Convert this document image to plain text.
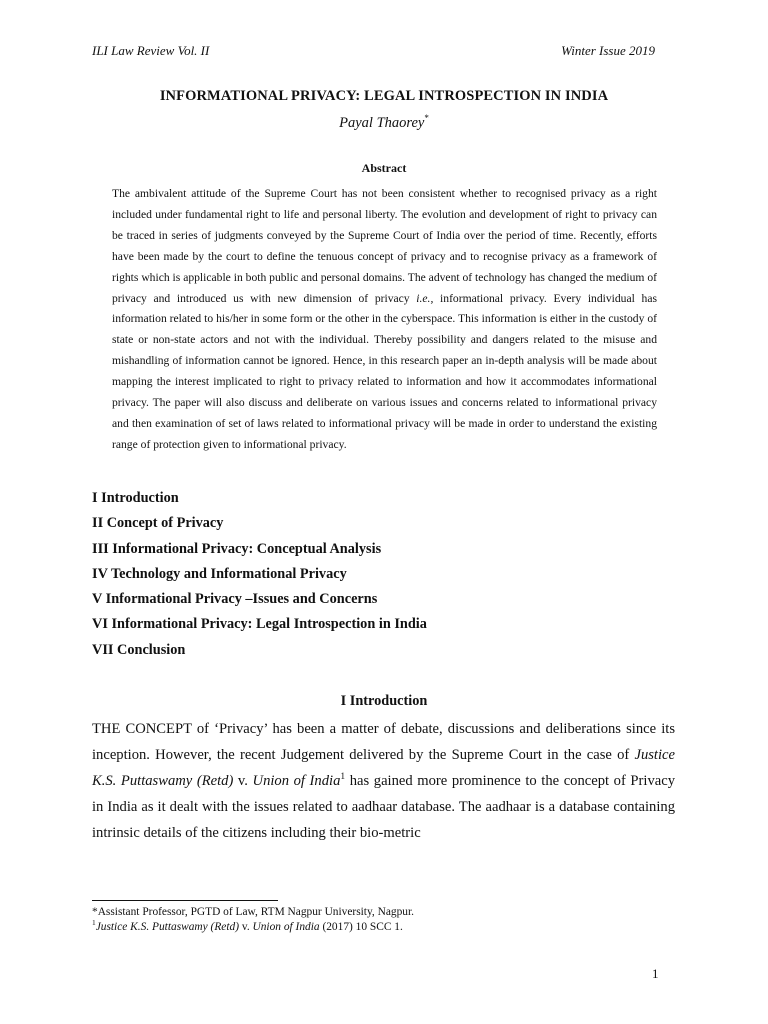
ILI Law Review Vol. II	Winter Issue 2019
INFORMATIONAL PRIVACY: LEGAL INTROSPECTION IN INDIA
Payal Thaorey*
Abstract
The ambivalent attitude of the Supreme Court has not been consistent whether to recognised privacy as a right included under fundamental right to life and personal liberty. The evolution and development of right to privacy can be traced in series of judgments conveyed by the Supreme Court of India over the period of time. Recently, efforts have been made by the court to define the tenuous concept of privacy and to recognise privacy as a framework of rights which is applicable in both public and personal domains. The advent of technology has changed the medium of privacy and introduced us with new dimension of privacy i.e., informational privacy. Every individual has information related to his/her in some form or the other in the cyberspace. This information is either in the custody of state or non-state actors and not with the individual. Thereby possibility and dangers related to the misuse and mishandling of information cannot be ignored. Hence, in this research paper an in-depth analysis will be made about mapping the interest implicated to right to privacy related to information and how it accommodates informational privacy. The paper will also discuss and deliberate on various issues and concerns related to informational privacy and then examination of set of laws related to informational privacy will be made in order to understand the existing range of protection given to informational privacy.
I Introduction
II Concept of Privacy
III Informational Privacy: Conceptual Analysis
IV Technology and Informational Privacy
V Informational Privacy –Issues and Concerns
VI Informational Privacy: Legal Introspection in India
VII Conclusion
I Introduction
THE CONCEPT of ‘Privacy’ has been a matter of debate, discussions and deliberations since its inception. However, the recent Judgement delivered by the Supreme Court in the case of Justice K.S. Puttaswamy (Retd) v. Union of India$^1$ has gained more prominence to the concept of Privacy in India as it dealt with the issues related to aadhaar database. The aadhaar is a database containing intrinsic details of the citizens including their bio-metric
*Assistant Professor, PGTD of Law, RTM Nagpur University, Nagpur.
$^1$Justice K.S. Puttaswamy (Retd) v. Union of India (2017) 10 SCC 1.
1
